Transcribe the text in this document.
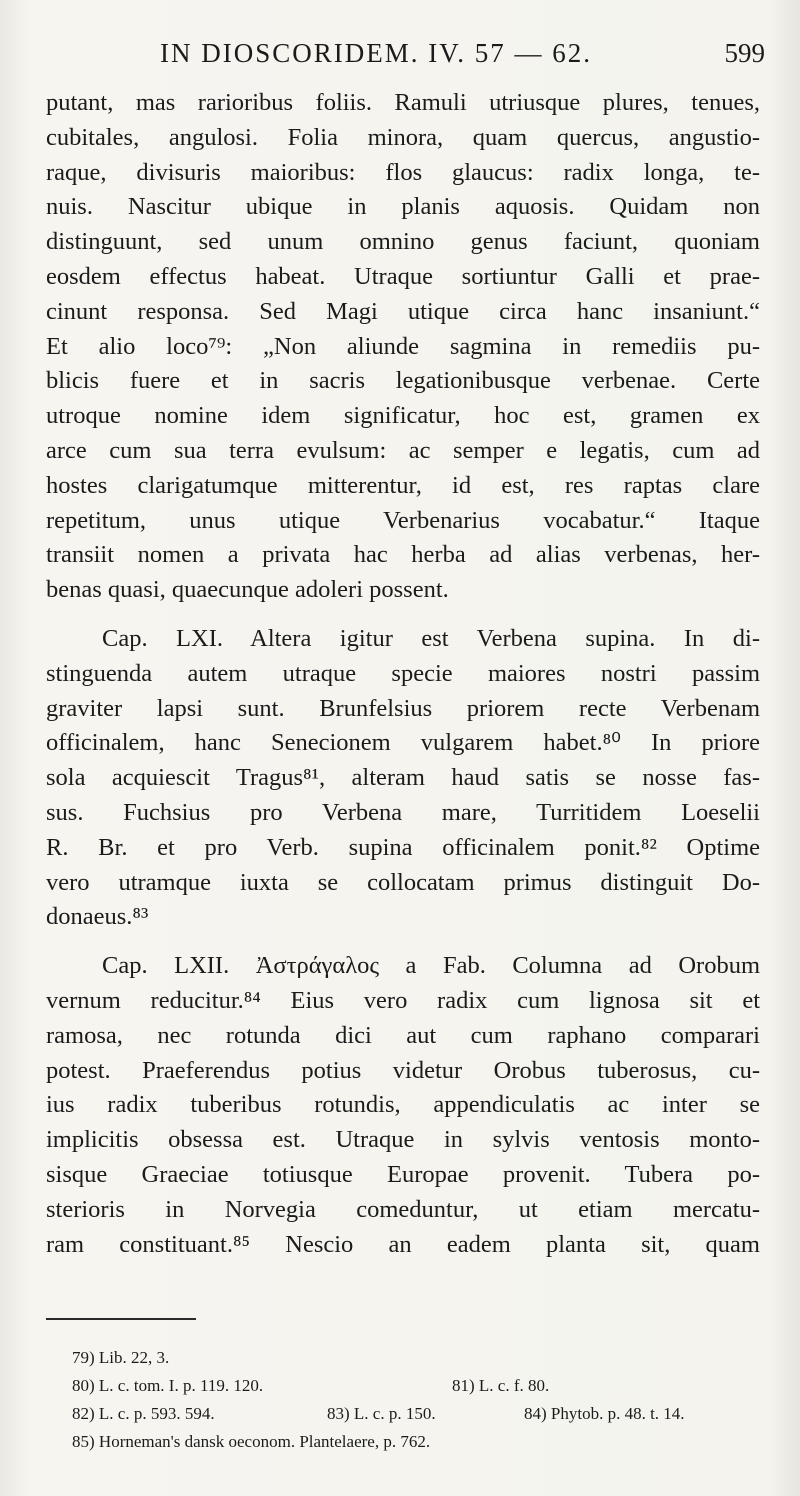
IN DIOSCORIDEM. IV. 57 — 62.	599
putant, mas rarioribus foliis. Ramuli utriusque plures, tenues,
cubitales, angulosi. Folia minora, quam quercus, angustio-
raque, divisuris maioribus: flos glaucus: radix longa, te-
nuis. Nascitur ubique in planis aquosis. Quidam non
distinguunt, sed unum omnino genus faciunt, quoniam
eosdem effectus habeat. Utraque sortiuntur Galli et prae-
cinunt responsa. Sed Magi utique circa hanc insaniunt.“
Et alio loco⁷⁹: „Non aliunde sagmina in remediis pu-
blicis fuere et in sacris legationibusque verbenae. Certe
utroque nomine idem significatur, hoc est, gramen ex
arce cum sua terra evulsum: ac semper e legatis, cum ad
hostes clarigatumque mitterentur, id est, res raptas clare
repetitum, unus utique Verbenarius vocabatur.“ Itaque
transiit nomen a privata hac herba ad alias verbenas, her-
benas quasi, quaecunque adoleri possent.
Cap. LXI. Altera igitur est Verbena supina. In di-
stinguenda autem utraque specie maiores nostri passim
graviter lapsi sunt. Brunfelsius priorem recte Verbenam
officinalem, hanc Senecionem vulgarem habet.⁸⁰ In priore
sola acquiescit Tragus⁸¹, alteram haud satis se nosse fas-
sus. Fuchsius pro Verbena mare, Turritidem Loeselii
R. Br. et pro Verb. supina officinalem ponit.⁸² Optime
vero utramque iuxta se collocatam primus distinguit Do-
donaeus.⁸³
Cap. LXII. Ἀστράγαλος a Fab. Columna ad Orobum
vernum reducitur.⁸⁴ Eius vero radix cum lignosa sit et
ramosa, nec rotunda dici aut cum raphano comparari
potest. Praeferendus potius videtur Orobus tuberosus, cu-
ius radix tuberibus rotundis, appendiculatis ac inter se
implicitis obsessa est. Utraque in sylvis ventosis monto-
sisque Graeciae totiusque Europae provenit. Tubera po-
sterioris in Norvegia comeduntur, ut etiam mercatu-
ram constituant.⁸⁵ Nescio an eadem planta sit, quam
79) Lib. 22, 3.
80) L. c. tom. I. p. 119. 120.	81) L. c. f. 80.
82) L. c. p. 593. 594.	83) L. c. p. 150.	84) Phytob. p. 48. t. 14.
85) Horneman's dansk oeconom. Plantelaere, p. 762.
